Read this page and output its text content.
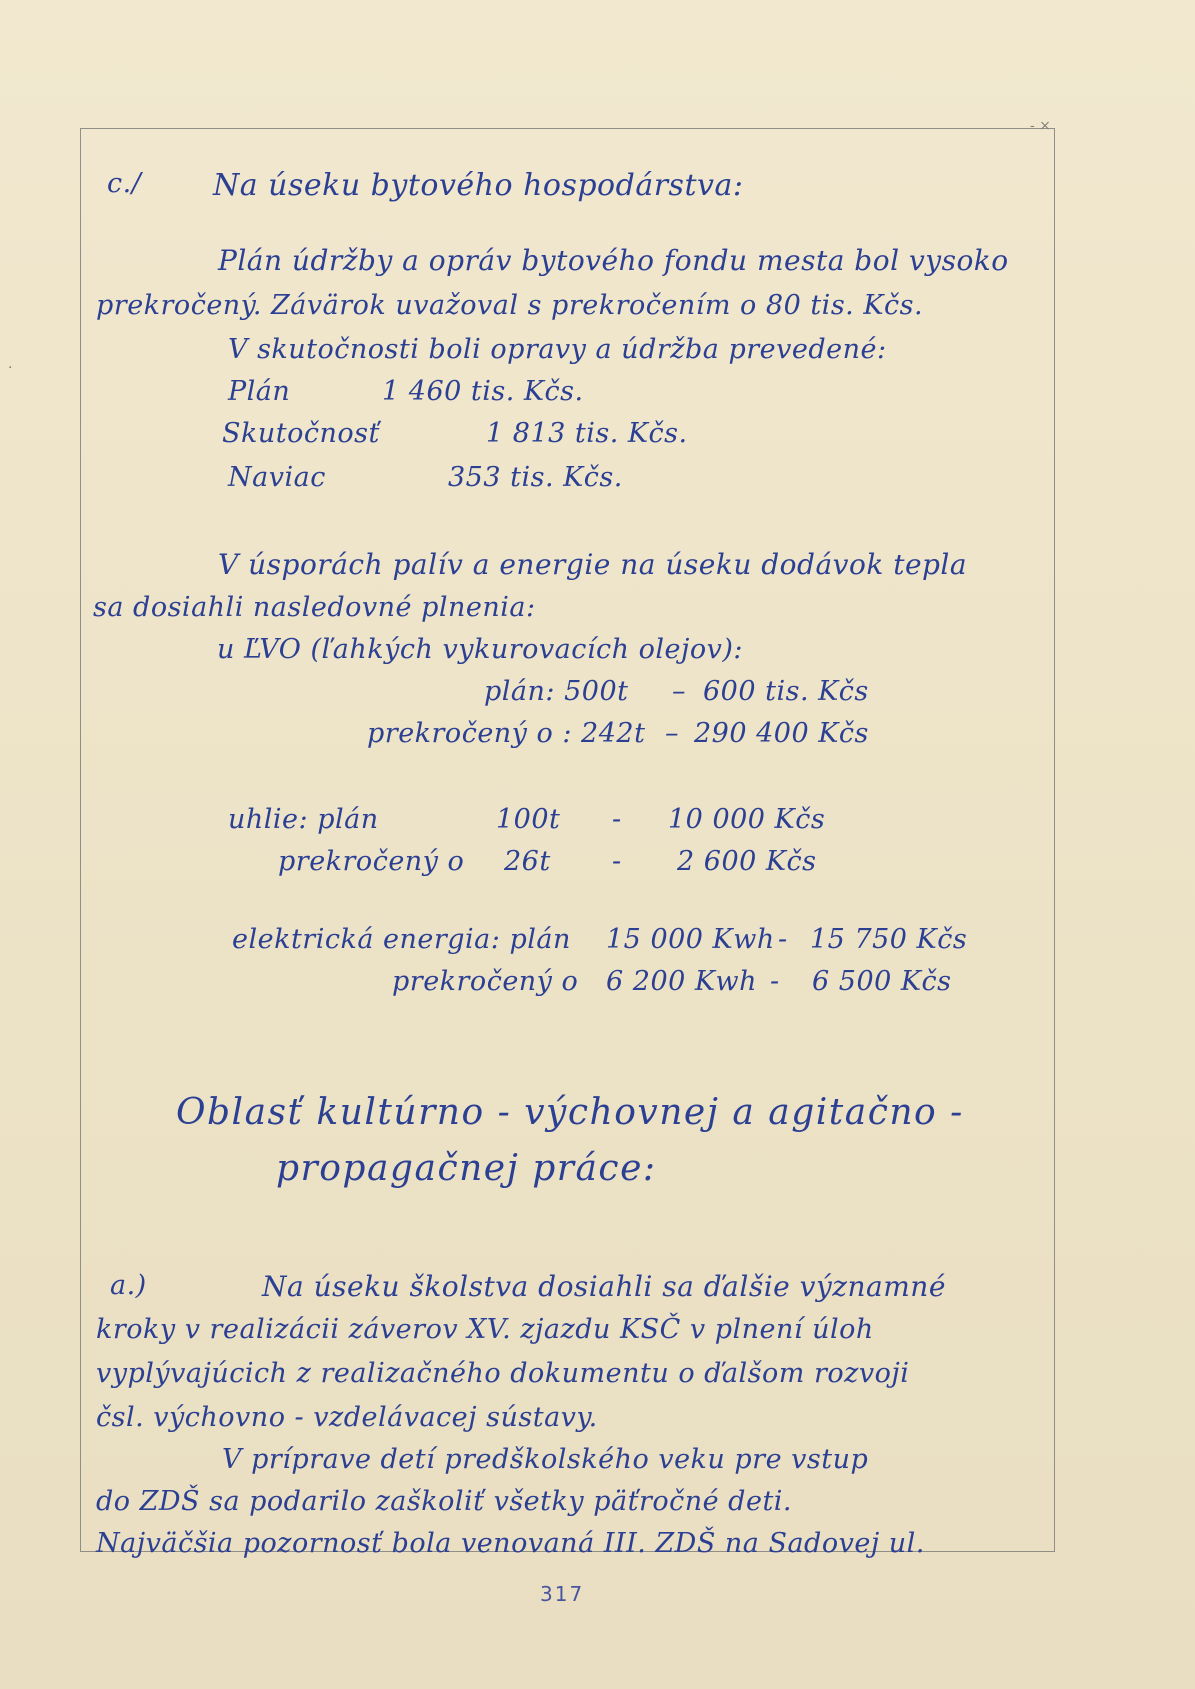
- ×
·
c./ Na úseku bytového hospodárstva:
Plán údržby a opráv bytového fondu mesta bol vysoko
prekročený. Závärok uvažoval s prekročením o 80 tis. Kčs.
V skutočnosti boli opravy a údržba prevedené:
Plán	1 460 tis. Kčs.
Skutočnosť	1 813 tis. Kčs.
Naviac	353 tis. Kčs.
V úsporách palív a energie na úseku dodávok tepla
sa dosiahli nasledovné plnenia:
u ĽVO (ľahkých vykurovacích olejov):
plán: 500t – 600 tis. Kčs
prekročený o : 242t – 290 400 Kčs
uhlie: plán	100t - 10 000 Kčs
prekročený o 26t - 2 600 Kčs
elektrická energia: plán 15 000 Kwh - 15 750 Kčs
prekročený o 6 200 Kwh - 6 500 Kčs
Oblasť kultúrno - výchovnej a agitačno -
propagačnej práce:
a.)	Na úseku školstva dosiahli sa ďalšie významné
kroky v realizácii záverov XV. zjazdu KSČ v plnení úloh
vyplývajúcich z realizačného dokumentu o ďalšom rozvoji
čsl. výchovno - vzdelávacej sústavy.
V príprave detí predškolského veku pre vstup
do ZDŠ sa podarilo zaškoliť všetky päťročné deti.
Najväčšia pozornosť bola venovaná III. ZDŠ na Sadovej ul.
317
